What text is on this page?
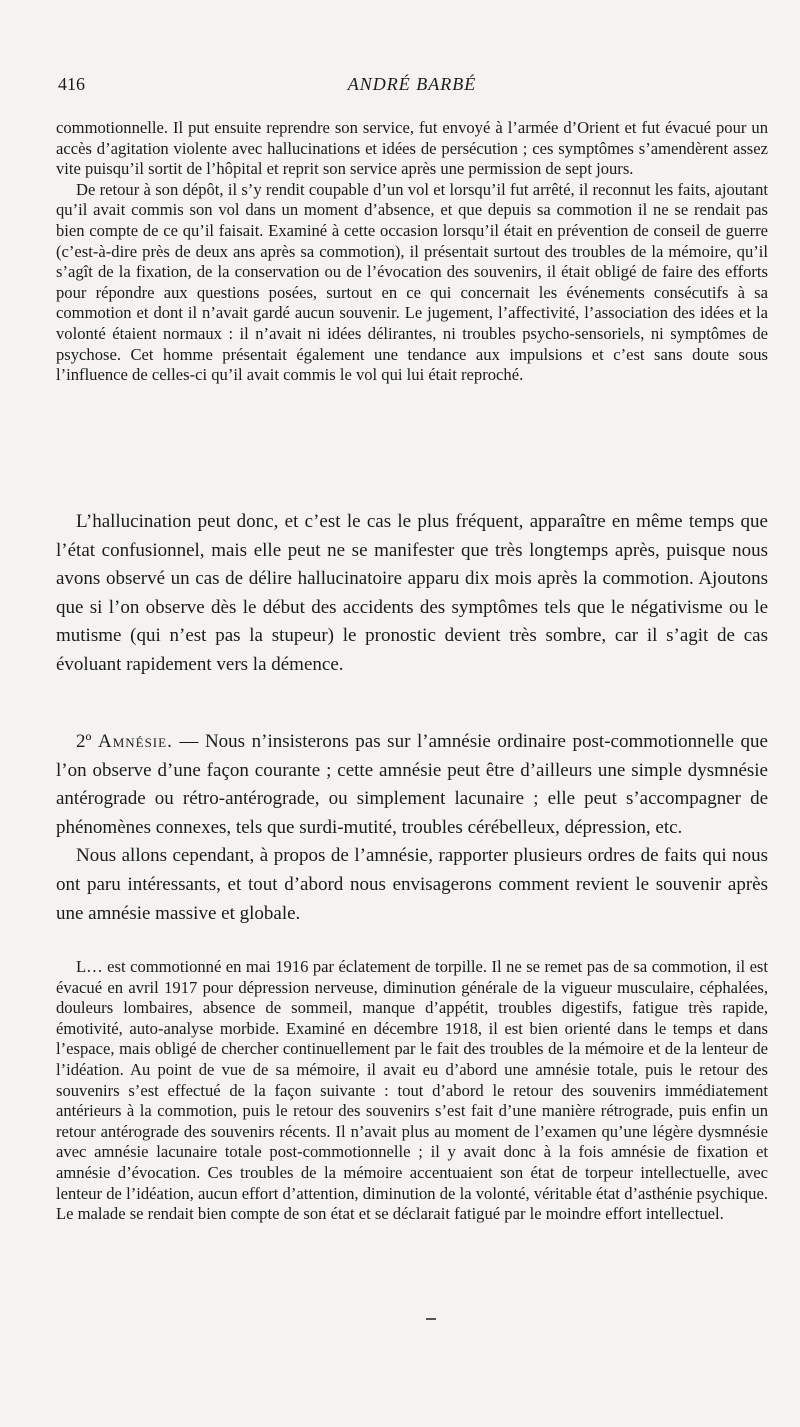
416	ANDRÉ BARBÉ

commotionnelle. Il put ensuite reprendre son service, fut envoyé à l’armée d’Orient et fut évacué pour un accès d’agitation violente avec hallucinations et idées de persécution ; ces symptômes s’amendèrent assez vite puisqu’il sortit de l’hôpital et reprit son service après une permission de sept jours.

De retour à son dépôt, il s’y rendit coupable d’un vol et lorsqu’il fut arrêté, il reconnut les faits, ajoutant qu’il avait commis son vol dans un moment d’absence, et que depuis sa commotion il ne se rendait pas bien compte de ce qu’il faisait. Examiné à cette occasion lorsqu’il était en prévention de conseil de guerre (c’est-à-dire près de deux ans après sa commotion), il présentait surtout des troubles de la mémoire, qu’il s’agît de la fixation, de la conservation ou de l’évocation des souvenirs, il était obligé de faire des efforts pour répondre aux questions posées, surtout en ce qui concernait les événements consécutifs à sa commotion et dont il n’avait gardé aucun souvenir. Le jugement, l’affectivité, l’association des idées et la volonté étaient normaux : il n’avait ni idées délirantes, ni troubles psycho-sensoriels, ni symptômes de psychose. Cet homme présentait également une tendance aux impulsions et c’est sans doute sous l’influence de celles-ci qu’il avait commis le vol qui lui était reproché.

L’hallucination peut donc, et c’est le cas le plus fréquent, apparaître en même temps que l’état confusionnel, mais elle peut ne se manifester que très longtemps après, puisque nous avons observé un cas de délire hallucinatoire apparu dix mois après la commotion. Ajoutons que si l’on observe dès le début des accidents des symptômes tels que le négativisme ou le mutisme (qui n’est pas la stupeur) le pronostic devient très sombre, car il s’agit de cas évoluant rapidement vers la démence.

2º Amnésie. — Nous n’insisterons pas sur l’amnésie ordinaire post-commotionnelle que l’on observe d’une façon courante ; cette amnésie peut être d’ailleurs une simple dysmnésie antérograde ou rétro-antérograde, ou simplement lacunaire ; elle peut s’accompagner de phénomènes connexes, tels que surdi-mutité, troubles cérébelleux, dépression, etc.

Nous allons cependant, à propos de l’amnésie, rapporter plusieurs ordres de faits qui nous ont paru intéressants, et tout d’abord nous envisagerons comment revient le souvenir après une amnésie massive et globale.

L… est commotionné en mai 1916 par éclatement de torpille. Il ne se remet pas de sa commotion, il est évacué en avril 1917 pour dépression nerveuse, diminution générale de la vigueur musculaire, céphalées, douleurs lombaires, absence de sommeil, manque d’appétit, troubles digestifs, fatigue très rapide, émotivité, auto-analyse morbide. Examiné en décembre 1918, il est bien orienté dans le temps et dans l’espace, mais obligé de chercher continuellement par le fait des troubles de la mémoire et de la lenteur de l’idéation. Au point de vue de sa mémoire, il avait eu d’abord une amnésie totale, puis le retour des souvenirs s’est effectué de la façon suivante : tout d’abord le retour des souvenirs immédiatement antérieurs à la commotion, puis le retour des souvenirs s’est fait d’une manière rétrograde, puis enfin un retour antérograde des souvenirs récents. Il n’avait plus au moment de l’examen qu’une légère dysmnésie avec amnésie lacunaire totale post-commotionnelle ; il y avait donc à la fois amnésie de fixation et amnésie d’évocation. Ces troubles de la mémoire accentuaient son état de torpeur intellectuelle, avec lenteur de l’idéation, aucun effort d’attention, diminution de la volonté, véritable état d’asthénie psychique. Le malade se rendait bien compte de son état et se déclarait fatigué par le moindre effort intellectuel.
